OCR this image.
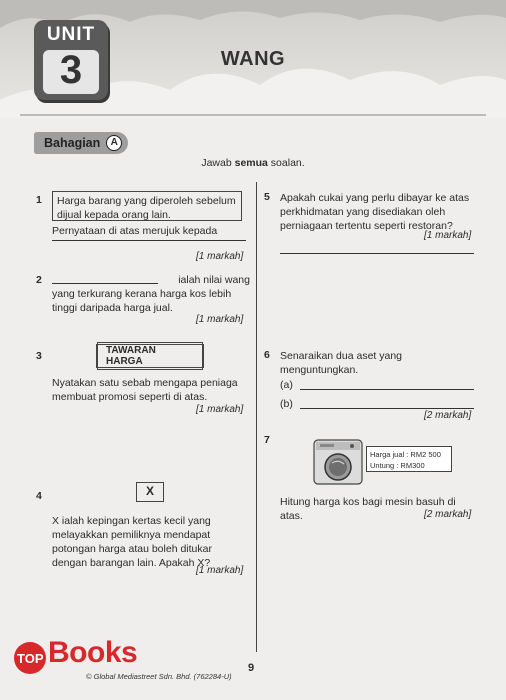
UNIT
3	WANG
Bahagian	A
Jawab semua soalan.
1	Harga barang yang diperoleh sebelum dijual kepada orang lain.
Pernyataan di atas merujuk kepada
[1 markah]
2	ialah nilai wang
yang terkurang kerana harga kos lebih tinggi daripada harga jual.
[1 markah]
3	TAWARAN HARGA
Nyatakan satu sebab mengapa peniaga membuat promosi seperti di atas.
[1 markah]
4	X
X ialah kepingan kertas kecil yang melayakkan pemiliknya mendapat potongan harga atau boleh ditukar dengan barangan lain. Apakah X?
[1 markah]
5 Apakah cukai yang perlu dibayar ke atas perkhidmatan yang disediakan oleh perniagaan tertentu seperti restoran?
[1 markah]
6 Senaraikan dua aset yang menguntungkan.
(a)
(b)
[2 markah]
7
Harga jual : RM2 500
Untung : RM300
Hitung harga kos bagi mesin basuh di atas.	[2 markah]
TOP Books
© Global Mediastreet Sdn. Bhd. (762284-U)
9
